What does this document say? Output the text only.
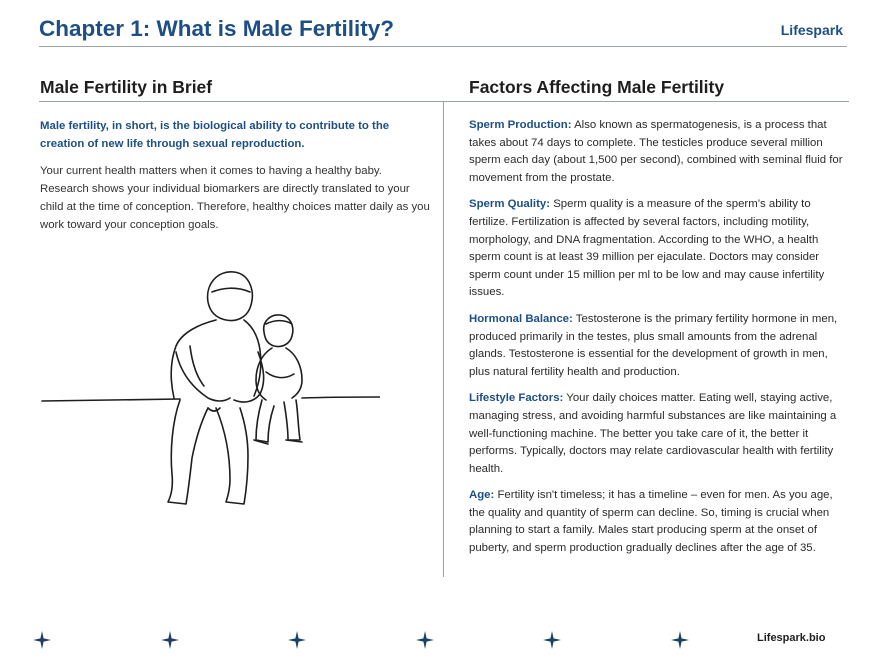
Chapter 1: What is Male Fertility?	Lifespark
Male Fertility in Brief	Factors Affecting Male Fertility

Male fertility, in short, is the biological ability to contribute to the creation of new life through sexual reproduction.

Your current health matters when it comes to having a healthy baby. Research shows your individual biomarkers are directly translated to your child at the time of conception. Therefore, healthy choices matter daily as you work toward your conception goals.

Sperm Production: Also known as spermatogenesis, is a process that takes about 74 days to complete. The testicles produce several million sperm each day (about 1,500 per second), combined with seminal fluid for movement from the prostate.

Sperm Quality: Sperm quality is a measure of the sperm’s ability to fertilize. Fertilization is affected by several factors, including motility, morphology, and DNA fragmentation. According to the WHO, a health sperm count is at least 39 million per ejaculate. Doctors may consider sperm count under 15 million per ml to be low and may cause infertility issues.

Hormonal Balance: Testosterone is the primary fertility hormone in men, produced primarily in the testes, plus small amounts from the adrenal glands. Testosterone is essential for the development of growth in men, plus natural fertility health and production.

Lifestyle Factors: Your daily choices matter. Eating well, staying active, managing stress, and avoiding harmful substances are like maintaining a well-functioning machine. The better you take care of it, the better it performs. Typically, doctors may relate cardiovascular health with fertility health.

Age: Fertility isn't timeless; it has a timeline – even for men. As you age, the quality and quantity of sperm can decline. So, timing is crucial when planning to start a family. Males start producing sperm at the onset of puberty, and sperm production gradually declines after the age of 35.

Lifespark.bio
